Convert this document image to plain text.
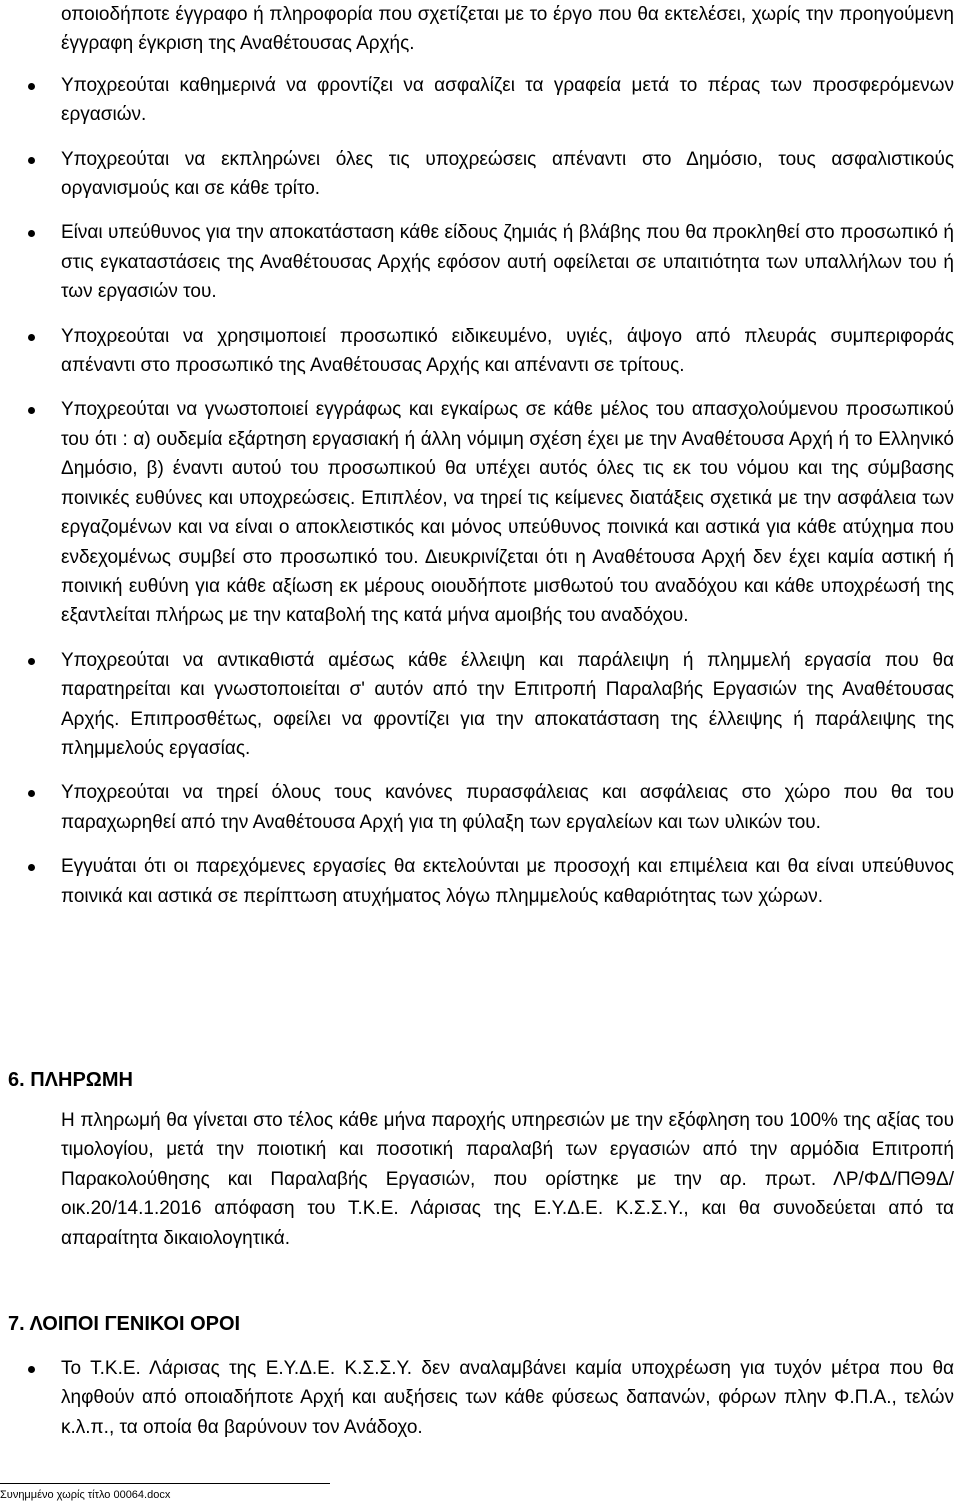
οποιοδήποτε έγγραφο ή πληροφορία που σχετίζεται με το έργο που θα εκτελέσει, χωρίς την προηγούμενη έγγραφη έγκριση της Αναθέτουσας Αρχής.

Υποχρεούται καθημερινά να φροντίζει να ασφαλίζει τα γραφεία μετά το πέρας των προσφερόμενων εργασιών.
Υποχρεούται να εκπληρώνει όλες τις υποχρεώσεις απέναντι στο Δημόσιο, τους ασφαλιστικούς οργανισμούς και σε κάθε τρίτο.
Είναι υπεύθυνος για την αποκατάσταση κάθε είδους ζημιάς ή βλάβης που θα προκληθεί στο προσωπικό ή στις εγκαταστάσεις της Αναθέτουσας Αρχής εφόσον αυτή οφείλεται σε υπαιτιότητα των υπαλλήλων του ή των εργασιών του.
Υποχρεούται να χρησιμοποιεί προσωπικό ειδικευμένο, υγιές, άψογο από πλευράς συμπεριφοράς απέναντι στο προσωπικό της Αναθέτουσας Αρχής και απέναντι σε τρίτους.
Υποχρεούται να γνωστοποιεί εγγράφως και εγκαίρως σε κάθε μέλος του απασχολούμενου προσωπικού του ότι : α) ουδεμία εξάρτηση εργασιακή ή άλλη νόμιμη σχέση έχει με την Αναθέτουσα Αρχή ή το Ελληνικό Δημόσιο, β) έναντι αυτού του προσωπικού θα υπέχει αυτός όλες τις εκ του νόμου και της σύμβασης ποινικές ευθύνες και υποχρεώσεις. Επιπλέον, να τηρεί τις κείμενες διατάξεις σχετικά με την ασφάλεια των εργαζομένων και να είναι ο αποκλειστικός και μόνος υπεύθυνος ποινικά και αστικά για κάθε ατύχημα που ενδεχομένως συμβεί στο προσωπικό του. Διευκρινίζεται ότι η Αναθέτουσα Αρχή δεν έχει καμία αστική ή ποινική ευθύνη για κάθε αξίωση εκ μέρους οιουδήποτε μισθωτού του αναδόχου και κάθε υποχρέωσή της εξαντλείται πλήρως με την καταβολή της κατά μήνα αμοιβής του αναδόχου.
Υποχρεούται να αντικαθιστά αμέσως κάθε έλλειψη και παράλειψη ή πλημμελή εργασία που θα παρατηρείται και γνωστοποιείται σ' αυτόν από την Επιτροπή Παραλαβής Εργασιών της Αναθέτουσας Αρχής. Επιπροσθέτως, οφείλει να φροντίζει για την αποκατάσταση της έλλειψης ή παράλειψης της πλημμελούς εργασίας.
Υποχρεούται να τηρεί όλους τους κανόνες πυρασφάλειας και ασφάλειας στο χώρο που θα του παραχωρηθεί από την Αναθέτουσα Αρχή για τη φύλαξη των εργαλείων και των υλικών του.
Εγγυάται ότι οι παρεχόμενες εργασίες θα εκτελούνται με προσοχή και επιμέλεια και θα είναι υπεύθυνος ποινικά και αστικά σε περίπτωση ατυχήματος λόγω πλημμελούς καθαριότητας των χώρων.
6. ΠΛΗΡΩΜΗ

Η πληρωμή θα γίνεται στο τέλος κάθε μήνα παροχής υπηρεσιών με την εξόφληση του 100% της αξίας του τιμολογίου, μετά την ποιοτική και ποσοτική παραλαβή των εργασιών από την αρμόδια Επιτροπή Παρακολούθησης και Παραλαβής Εργασιών, που ορίστηκε με την αρ. πρωτ. ΛΡ/ΦΔ/ΠΘ9Δ/οικ.20/14.1.2016 απόφαση του Τ.Κ.Ε. Λάρισας της Ε.Υ.Δ.Ε. Κ.Σ.Σ.Υ., και θα συνοδεύεται από τα απαραίτητα δικαιολογητικά.

7. ΛΟΙΠΟΙ ΓΕΝΙΚΟΙ ΟΡΟΙ
Το Τ.Κ.Ε. Λάρισας της Ε.Υ.Δ.Ε. Κ.Σ.Σ.Υ. δεν αναλαμβάνει καμία υποχρέωση για τυχόν μέτρα που θα ληφθούν από οποιαδήποτε Αρχή και αυξήσεις των κάθε φύσεως δαπανών, φόρων πλην Φ.Π.Α., τελών κ.λ.π., τα οποία θα βαρύνουν τον Ανάδοχο.
Συνημμένο χωρίς τίτλο 00064.docx
